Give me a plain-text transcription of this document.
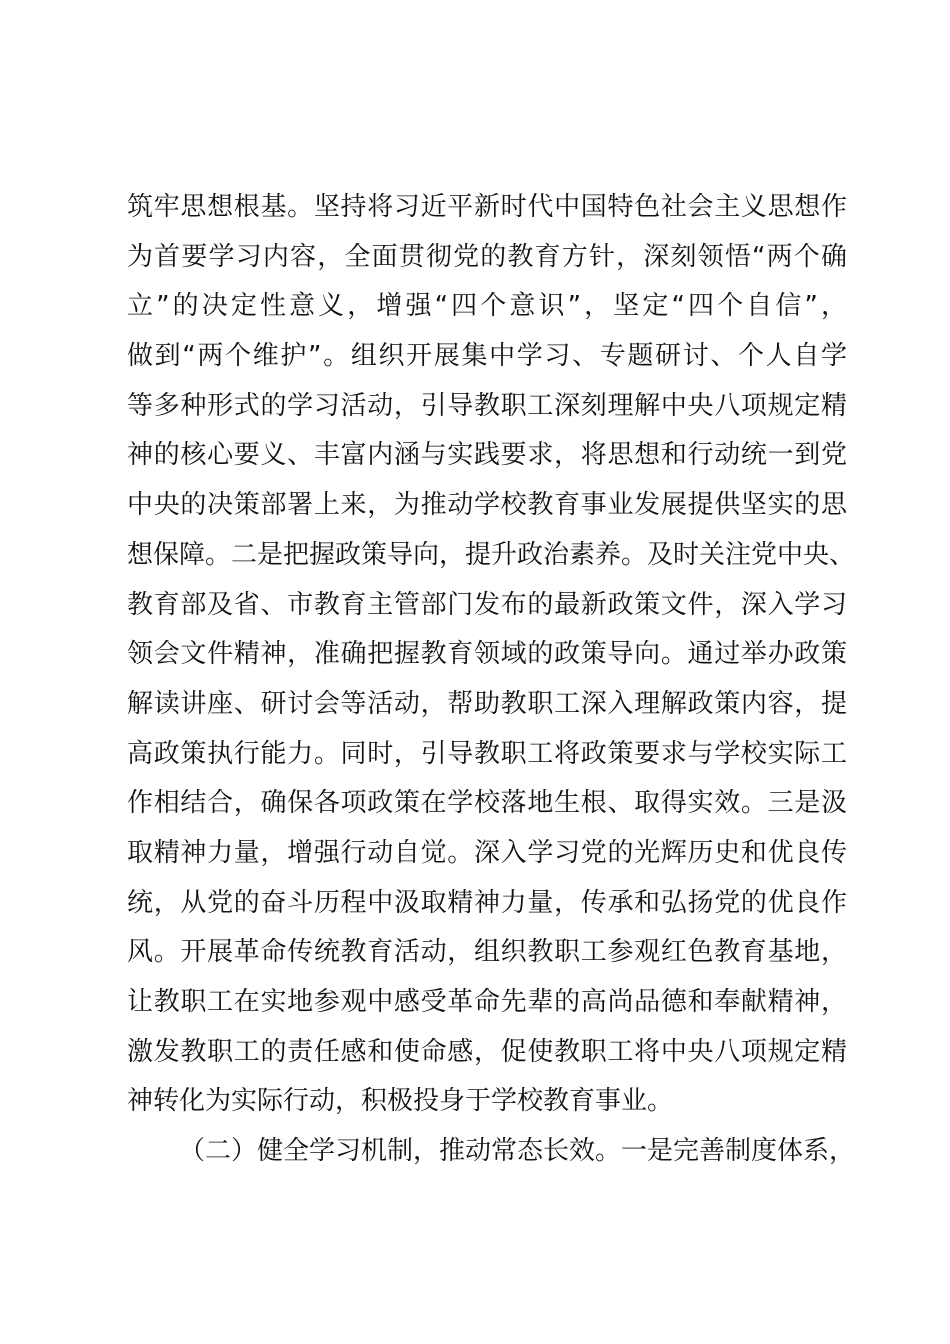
筑牢思想根基。坚持将习近平新时代中国特色社会主义思想作
为首要学习内容，全面贯彻党的教育方针，深刻领悟“两个确
立”的决定性意义，增强“四个意识”，坚定“四个自信”，
做到“两个维护”。组织开展集中学习、专题研讨、个人自学
等多种形式的学习活动，引导教职工深刻理解中央八项规定精
神的核心要义、丰富内涵与实践要求，将思想和行动统一到党
中央的决策部署上来，为推动学校教育事业发展提供坚实的思
想保障。二是把握政策导向，提升政治素养。及时关注党中央、
教育部及省、市教育主管部门发布的最新政策文件，深入学习
领会文件精神，准确把握教育领域的政策导向。通过举办政策
解读讲座、研讨会等活动，帮助教职工深入理解政策内容，提
高政策执行能力。同时，引导教职工将政策要求与学校实际工
作相结合，确保各项政策在学校落地生根、取得实效。三是汲
取精神力量，增强行动自觉。深入学习党的光辉历史和优良传
统，从党的奋斗历程中汲取精神力量，传承和弘扬党的优良作
风。开展革命传统教育活动，组织教职工参观红色教育基地，
让教职工在实地参观中感受革命先辈的高尚品德和奉献精神，
激发教职工的责任感和使命感，促使教职工将中央八项规定精
神转化为实际行动，积极投身于学校教育事业。
（二）健全学习机制，推动常态长效。一是完善制度体系，
